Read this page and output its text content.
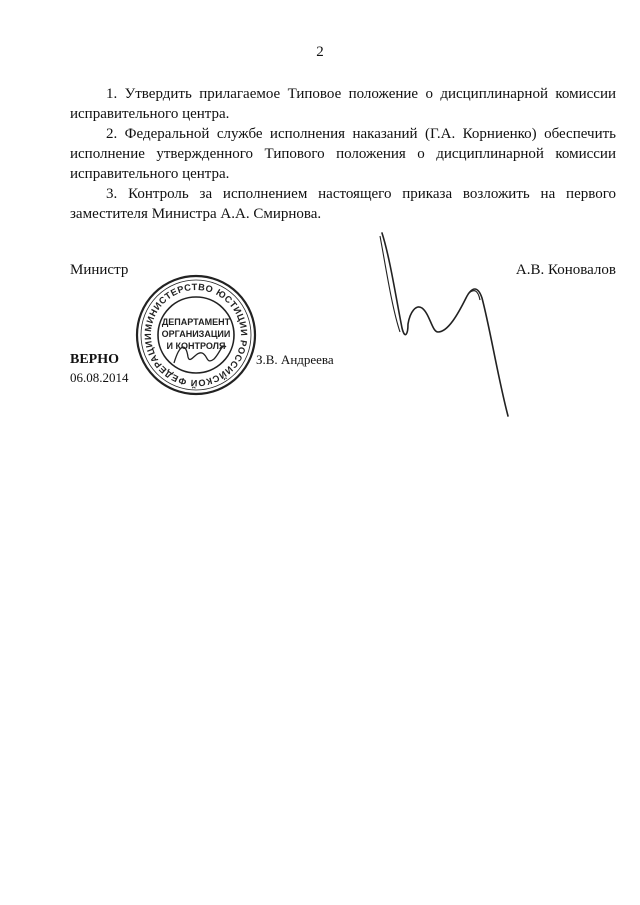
2

1. Утвердить прилагаемое Типовое положение о дисциплинарной комиссии исправительного центра.

2. Федеральной службе исполнения наказаний (Г.А. Корниенко) обеспечить исполнение утвержденного Типового положения о дисциплинарной комиссии исправительного центра.

3. Контроль за исполнением настоящего приказа возложить на первого заместителя Министра А.А. Смирнова.

Министр	А.В. Коновалов
МИНИСТЕРСТВО ЮСТИЦИИ РОССИЙСКОЙ ФЕДЕРАЦИИ
ДЕПАРТАМЕНТ
ОРГАНИЗАЦИИ
И КОНТРОЛЯ
ВЕРНО
06.08.2014
З.В. Андреева
